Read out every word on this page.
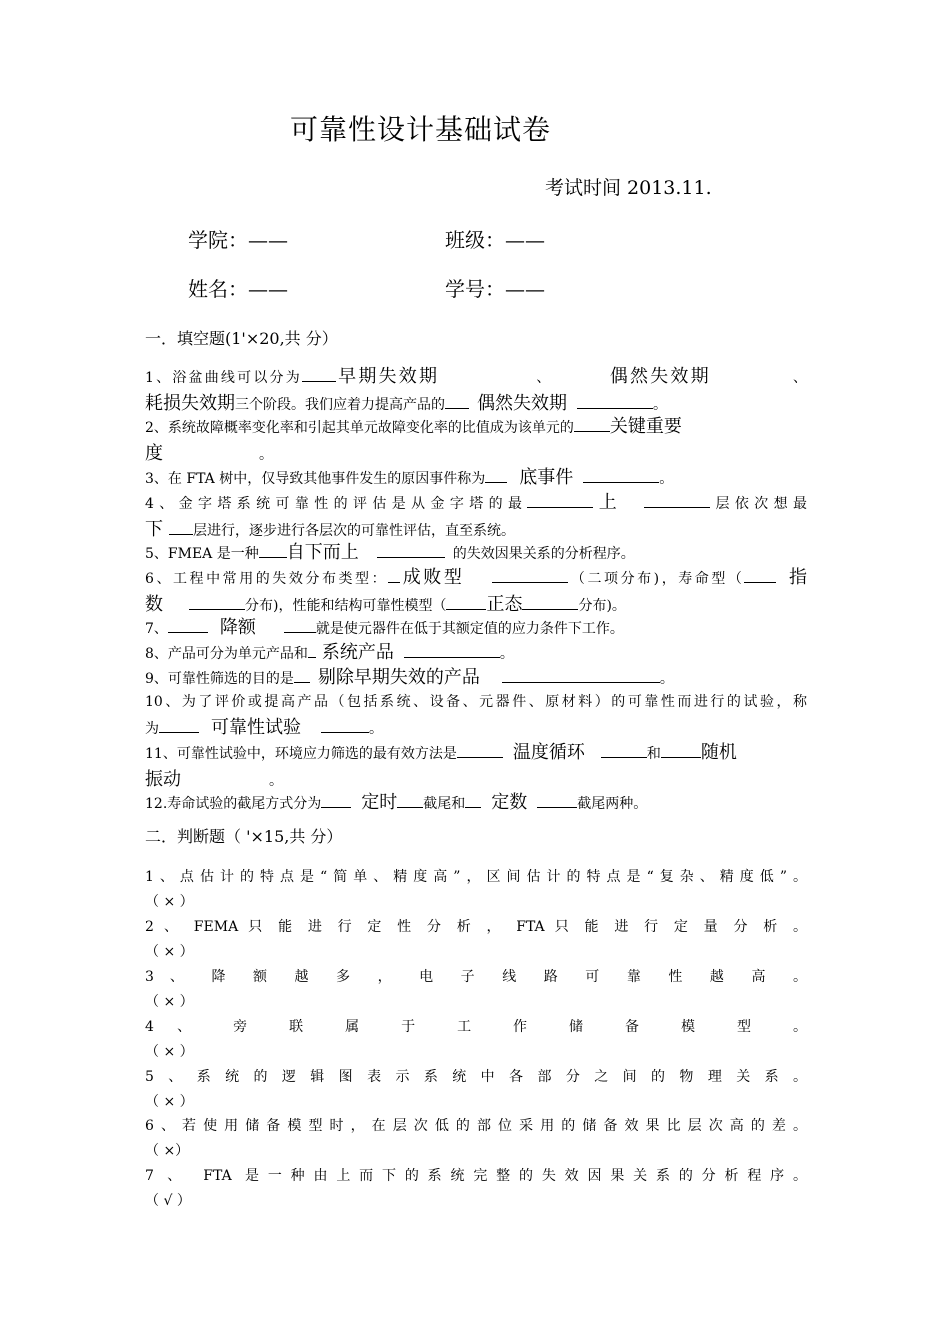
可靠性设计基础试卷
考试时间 2013.11.
学院：——	班级：——
姓名：——	学号：——
一．填空题(1'×20,共 分）
1、浴盆曲线可以分为 早期失效期	、	偶然失效期	、
耗损失效期三个阶段。我们应着力提高产品的 偶然失效期	。
2、系统故障概率变化率和引起其单元故障变化率的比值成为该单元的 关键重要
度	。
3、在 FTA 树中，仅导致其他事件发生的原因事件称为 底事件	。
4、金字塔系统可靠性的评估是从金字塔的最	上	层依次想最
下 层进行，逐步进行各层次的可靠性评估，直至系统。
5、FMEA 是一种 自下而上	的失效因果关系的分析程序。
6、工程中常用的失效分布类型： 成败型	（二项分布)，寿命型（ 指
数	分布)，性能和结构可靠性模型（ 正态	分布)。
7、	降额	就是使元器件在低于其额定值的应力条件下工作。
8、产品可分为单元产品和 系统产品	。
9、可靠性筛选的目的是 剔除早期失效的产品	。
10、为了评价或提高产品（包括系统、设备、元器件、原材料）的可靠性而进行的试验，称
为	可靠性试验	。
11、可靠性试验中，环境应力筛选的最有效方法是	温度循环	和 随机
振动	。
12.寿命试验的截尾方式分为 定时 截尾和 定数	截尾两种。
二．判断题（ '×15,共 分）
1、点估计的特点是“简单、精度高”，区间估计的特点是“复杂、精度低”。
（ × ）
2 、 FEMA 只 能 进 行 定 性 分 析 ， FTA 只 能 进 行 定 量 分 析 。
（ × ）
3 、 降 额 越 多 ， 电 子 线 路 可 靠 性 越 高 。
（ × ）
4 、 旁 联 属 于 工 作 储 备 模 型 。
（ × ）
5、系统的逻辑图表示系统中各部分之间的物理关系。
（ × ）
6、若使用储备模型时，在层次低的部位采用的储备效果比层次高的差。
（ ×）
7 、 FTA 是一种由上而下的系统完整的失效因果关系的分析程序。
（ √ ）
